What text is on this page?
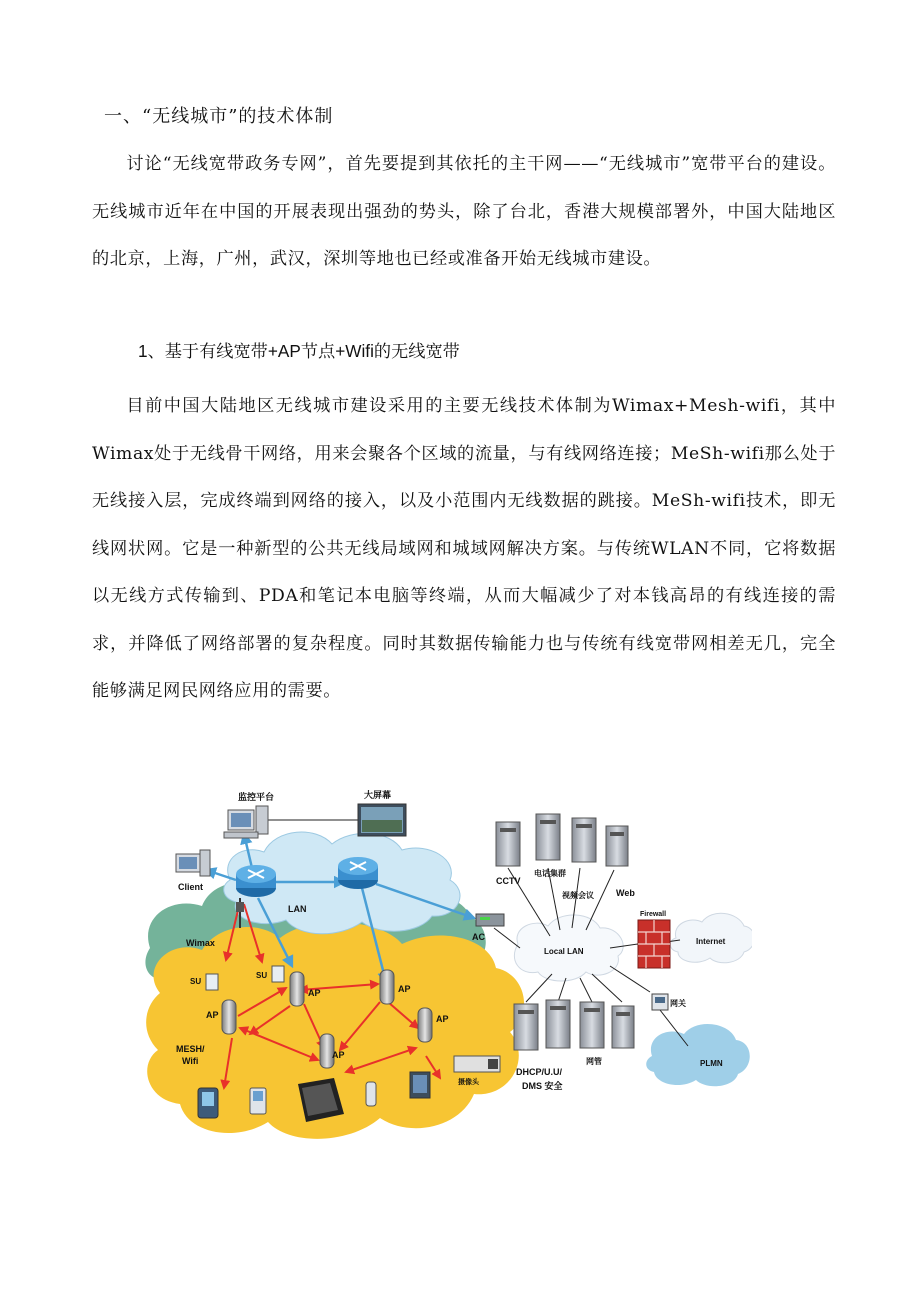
一、“无线城市”的技术体制

讨论“无线宽带政务专网”，首先要提到其依托的主干网——“无线城市”宽带平台的建设。无线城市近年在中国的开展表现出强劲的势头，除了台北，香港大规模部署外，中国大陆地区的北京，上海，广州，武汉，深圳等地也已经或准备开始无线城市建设。

1、基于有线宽带+AP节点+Wifi的无线宽带

目前中国大陆地区无线城市建设采用的主要无线技术体制为Wimax+Mesh-wifi，其中Wimax处于无线骨干网络，用来会聚各个区域的流量，与有线网络连接；MeSh-wifi那么处于无线接入层，完成终端到网络的接入，以及小范围内无线数据的跳接。MeSh-wifi技术，即无线网状网。它是一种新型的公共无线局域网和城域网解决方案。与传统WLAN不同，它将数据以无线方式传输到、PDA和笔记本电脑等终端，从而大幅减少了对本钱高昂的有线连接的需求，并降低了网络部署的复杂程度。同时其数据传输能力也与传统有线宽带网相差无几，完全能够满足网民网络应用的需要。

监控平台	大屏幕
Client
LAN
Wimax
SU
SU
AC
AP	AP
AP	AP
AP
MESH/
Wifi
摄像头
DHCP/U.U/
DMS 安全
CCTV
电话集群
视频会议 Web
Local LAN
Firewall
Internet
网管
网关
PLMN
